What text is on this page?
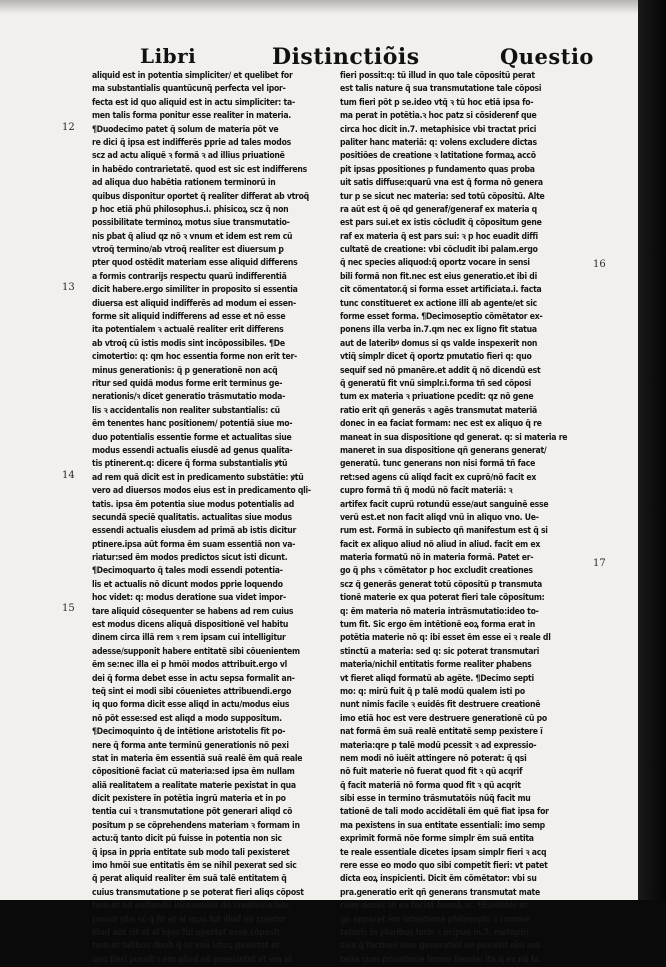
Libri	Distinctiõis	Questio

12

13

14

15

16

17

aliquid est in potentia simpliciter/ et quelibet for
ma substantialis quantũcunq̃ perfecta vel ipor-
fecta est id quo aliquid est in actu simpliciter: ta-
men talis forma ponitur esse realiter in materia.
¶Duodecimo patet q̃ solum de materia põt ve
re dici q̃ ipsa est indifferẽs ꝑprie ad tales modos
scz ad actu aliquẽ ꝛ formã ꝛ ad illius priuationẽ
in habẽdo contrarietatẽ. quod est sic est indifferens
ad aliqua duo habẽtia rationem terminorũ in
quibus disponitur oportet q̃ realiter differat ab vtroq̃
ꝑ hoc etiã ꝑhũ philosophus.i. phisicoꝝ scz q̃ non
possibilitate terminoꝝ motus siue transmutatio-
nis ꝑbat q̃ aliud qz nõ ꝛ vnum et idem est rem cũ
vtroq̃ termino/ab vtroq̃ realiter est diuersum ꝑ
pter quod ostẽdit materiam esse aliquid differens
a formis contrarijs respectu quarũ indifferentiã
dicit habere.ergo similiter in proposito si essentia
diuersa est aliquid indifferẽs ad modum ei essen-
forme sit aliquid indifferens ad esse et nõ esse
ita potentialem ꝛ actualẽ realiter erit differens
ab vtroq̃ cũ istis modis sint incõpossibiles. ¶De
cimotertio: q: qm hoc essentia forme non erit ter-
minus generationis: q̃ p generationẽ non acq̃
ritur sed quidã modus forme erit terminus ge-
nerationis/ꝛ dicet generatio trãsmutatio moda-
lis ꝛ accidentalis non realiter substantialis: cũ
ẽm tenentes hanc positionem/ potentiã siue mo-
duo potentialis essentie forme et actualitas siue
modus essendi actualis eiusdẽ ad genus qualita-
tis ptinerent.q: dicere q̃ forma substantialis ꝟtũ
ad rem quã dicit est in predicamento substãtie: ꝟtũ
vero ad diuersos modos eius est in predicamento qli-
tatis. ipsa ẽm potentia siue modus potentialis ad
secundã speciẽ qualitatis. actualitas siue modus
essendi actualis eiusdem ad primã ab istis dicitur
ptinere.ipsa aũt forma ẽm suam essentiã non va-
riatur:sed ẽm modos predictos sicut isti dicunt.
¶Decimoquarto q̃ tales modi essendi potentia-
lis et actualis nõ dicunt modos ꝑprie loquendo
hoc videt: q: modus deratione sua videt impor-
tare aliquid cõsequenter se habens ad rem cuius
est modus dicens aliquã dispositionẽ vel habitu
dinem circa illã rem ꝛ rem ipsam cui intelligitur
adesse/supponit habere entitatẽ sibi cõuenientem
ẽm se:nec illa ei p hmõi modos attribuit.ergo vl
dei q̃ forma debet esse in actu sepsa formalit an-
teq̃ sint ei modi sibi cõuenietes attribuendi.ergo
iq quo forma dicit esse aliqd in actu/modus eius
nõ põt esse:sed est aliqd a modo suppositum.
¶Decimoquinto q̃ de intẽtione aristotelis fit po-
nere q̃ forma ante terminũ generationis nõ pexi
stat in materia ẽm essentiã suã realẽ ẽm quã reale
cõpositionẽ faciat cũ materia:sed ipsa ẽm nullam
aliã realitatem a realitate materie pexistat in qua
dicit pexistere ĩn potẽtia ingrũ materia et in po
tentia cui ꝛ transmutatione põt generari aliqd cõ
positum p se cõprehendens materiam ꝛ formam in
actu:q̃ tanto dicit pũ fuisse in potentia non sic
q̃ ipsa in ꝑpria entitate sub modo tali pexisteret
imo hmõi sue entitatis ẽm se nihil pexerat sed sic
q̃ perat aliquid realiter ẽm suã talẽ entitatem q̃
cuius transmutatione p se poterat fieri aliqs cõpost
tum.et ad euitandũ incõueniẽs de creatione/hoc
posuit phs sc̃ q̃ fit et al iquo fut illud nõ creatur
Illud aũt sit et al iquo fui oportet esse cõposit
tum.et talibus duob̃ q̃ sc̃ vnũ istoꝝ pexistat et
quo fieri possit/ꝛ ẽm aliud nõ preexistat vt ẽm id
fieri possit:q: tũ illud in quo tale cõpositũ perat
est talis nature q̃ sua transmutatione tale cõposi
tum fieri põt p se.ideo vtq̃ ꝛ tũ hoc etiã ipsa fo-
ma perat in potẽtia.ꝛ hoc patz si cõsiderenf que
circa hoc dicit in.7. metaphisice vbi tractat prici
paliter hanc materiã: q: volens excludere dictas
positiões de creatione ꝛ latitatione formaꝝ accõ
pit ipsas ꝑpositiones p fundamento quas proba
uit satis diffuse:quarũ vna est q̃ forma nõ genera
tur p se sicut nec materia: sed totũ cõpositũ. Alte
ra aũt est q̃ oẽ qd generaf/generaf ex materia q
est pars sui.et ex istis cõcludit q̃ cõpositum gene
raf ex materia q̃ est pars sui: ꝛ p hoc euadit diffi
cultatẽ de creatione: vbi cõcludit ibi palam.ergo
q̃ nec species aliquod:q̃ oportz vocare in sensi
bili formã non fit.nec est eius generatio.et ibi di
cit cõmentator.q̃ si forma esset artificiata.i. facta
tunc constitueret ex actione illi ab agente/et sic
forme esset forma. ¶Decimoseptĩo cõmẽtator ex-
ponens illa verba in.7.qm nec ex ligno fit statua
aut de lateribꝰ domus si qs valde inspexerit non
vtiq̃ simplr dicet q̃ oportz pmutatio fieri q: quo
sequif sed nõ pmanẽre.et addit q̃ nõ dicendũ est
q̃ generatũ fit vnũ simplr.i.forma tñ sed cõposi
tum ex materia ꝛ priuatione pcedit: qz nõ gene
ratio erit qñ generãs ꝛ agẽs transmutat materiã
donec in ea faciat formam: nec est ex aliquo q̃ re
maneat in sua dispositione qd generat. q: si materia re
maneret in sua dispositione qñ generans generat/
generatũ. tunc generans non nisi formã tñ face
ret:sed agens cũ aliqd facit ex cuprõ/nõ facit ex
cupro formã tñ q̃ modũ nõ facit materiã: ꝛ
artifex facit cuprũ rotundũ esse/aut sanguinẽ esse
verũ est.et non facit aliqd vnũ in aliquo vno. Ue-
rum est. Formã in subiecto qñ manifestum est q̃ si
facit ex aliquo aliud nõ aliud in aliud. facit em ex
materia formatũ nõ in materia formã. Patet er-
go q̃ phs ꝛ cõmẽtator p hoc excludit creationes
scz q̃ generãs generat totũ cõpositũ p transmuta
tionẽ materie ex qua poterat fieri tale cõpositum:
q: ẽm materia nõ materia intrãsmutatio:ideo to-
tum fit. Sic ergo ẽm intẽtionẽ eoꝝ forma erat in
potẽtia materie nõ q: ibi esset ẽm esse ei ꝛ reale dl
stinctũ a materia: sed q: sic poterat transmutari
materia/nichil entitatis forme realiter ꝑhabens
vt fieret aliqd formatũ ab agẽte. ¶Decimo septi
mo: q: mirũ fuit q̃ p talẽ modũ qualem isti po
nunt nimis facile ꝛ euidẽs fit destruere creationẽ
imo etiã hoc est vere destruere generationẽ cũ po
nat formã ẽm suã realẽ entitatẽ semp pexistere ĩ
materia:qre p talẽ modũ pcessit ꝛ ad expressio-
nem modi nõ iuẽit attingere nõ poterat: q̃ qsi
nõ fuit materie nõ fuerat quod fit ꝛ qũ acqrif
q̃ facit materiã nõ forma quod fit ꝛ qũ acqrit
sibi esse in termino trãsmutatõis nũq̃ facit mu
tationẽ de tali modo accidẽtali ẽm quẽ fiat ipsa for
ma pexistens in sua entitate essentiali: imo semp
exprimit formã nõe forme simplr ẽm suã entita
te reale essentiale dicetes ipsam simplr fieri ꝛ acq
rere esse eo modo quo sibi competit fieri: vt patet
dicta eoꝝ inspicienti. Dicit ẽm cõmẽtator: vbi su
pra.generatio erit qñ generans transmutat mate
riam donec in ea faciat formã.ꝛc. ¶Euidẽter et
go apparet ẽm intentionẽ philosophi ꝛ commẽ
tatoris in pluribus locis ꝛ pcipue in.7. metaphi
sice q̃ factioni siue generatiõi nõ pexistit nisi ma
teria cum priuatione forme fiende: ita q̃ ex nõ fa
